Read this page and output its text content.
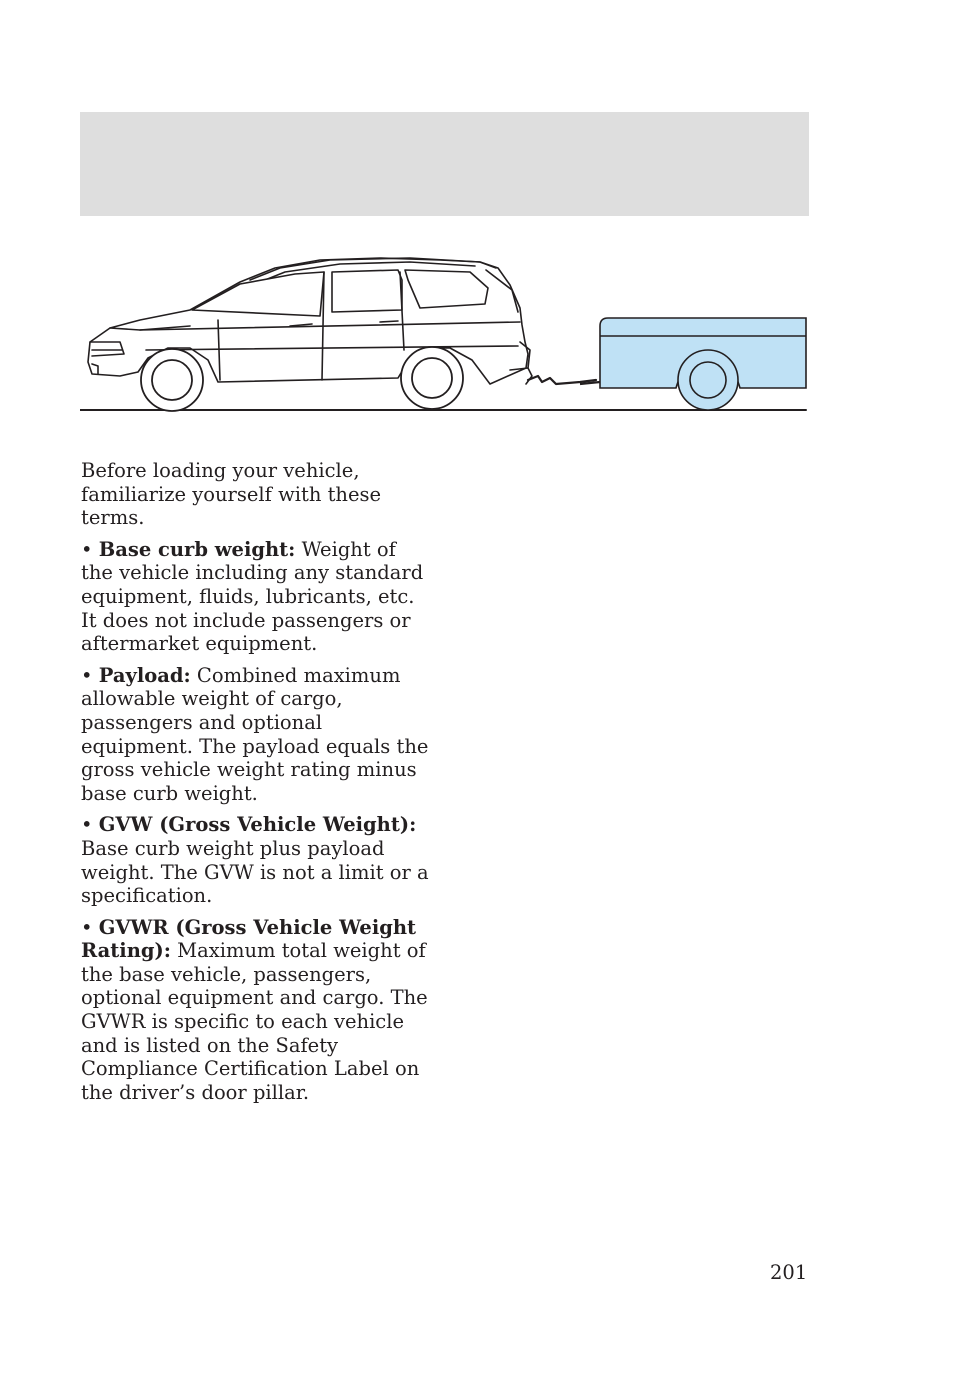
Before loading your vehicle, familiarize yourself with these terms.

• Base curb weight: Weight of the vehicle including any standard equipment, fluids, lubricants, etc. It does not include passengers or aftermarket equipment.

• Payload: Combined maximum allowable weight of cargo, passengers and optional equipment. The payload equals the gross vehicle weight rating minus base curb weight.

• GVW (Gross Vehicle Weight): Base curb weight plus payload weight. The GVW is not a limit or a specification.

• GVWR (Gross Vehicle Weight Rating): Maximum total weight of the base vehicle, passengers, optional equipment and cargo. The GVWR is specific to each vehicle and is listed on the Safety Compliance Certification Label on the driver’s door pillar.

201
